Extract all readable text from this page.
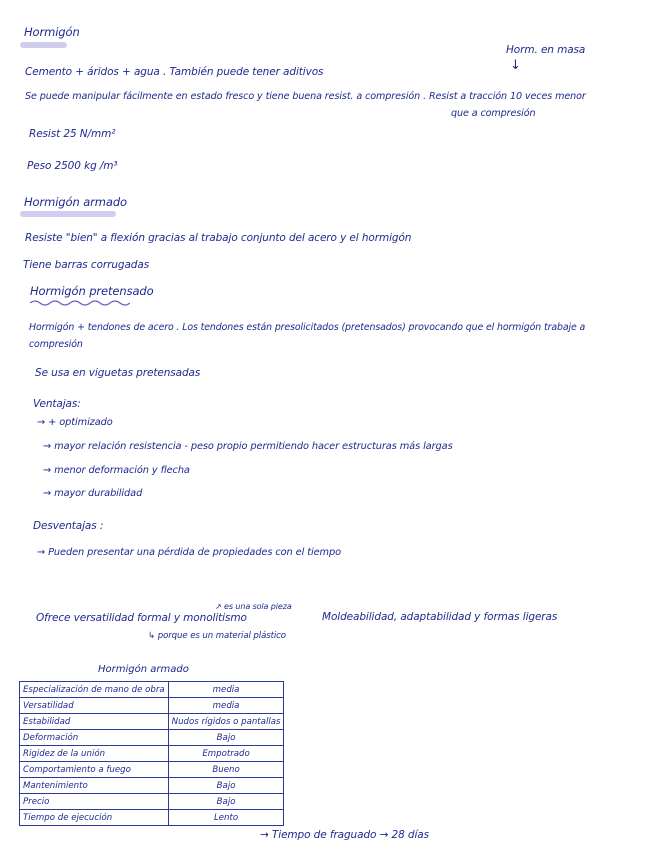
Hormigón
Horm. en masa
↓
Cemento + áridos + agua . También puede tener aditivos
Se puede manipular fácilmente en estado fresco y tiene buena resist. a compresión . Resist a tracción 10 veces menor
que a compresión
Resist 25 N/mm²
Peso 2500 kg /m³
Hormigón armado
Resiste "bien" a flexión gracias al trabajo conjunto del acero y el hormigón
Tiene barras corrugadas
Hormigón pretensado
Hormigón + tendones de acero . Los tendones están presolicitados (pretensados) provocando que el hormigón trabaje a
compresión
Se usa en viguetas pretensadas
Ventajas:
→ + optimizado
→ mayor relación resistencia - peso propio permitiendo hacer estructuras más largas
→ menor deformación y flecha
→ mayor durabilidad
Desventajas :
→ Pueden presentar una pérdida de propiedades con el tiempo
Ofrece versatilidad formal y monolitismo
↗ es una sola pieza
↳ porque es un material plástico
Moldeabilidad, adaptabilidad y formas ligeras
Hormigón armado
Especialización de mano de obra	media
Versatilidad	media
Estabilidad	Nudos rígidos o pantallas
Deformación	Bajo
Rigidez de la unión	Empotrado
Comportamiento a fuego	Bueno
Mantenimiento	Bajo
Precio	Bajo
Tiempo de ejecución	Lento
→ Tiempo de fraguado → 28 días
